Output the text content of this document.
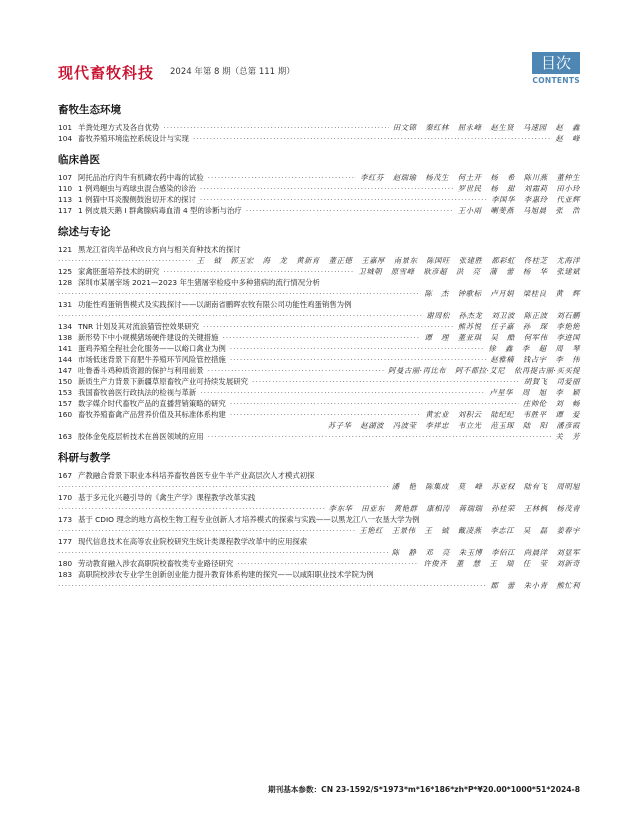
现代畜牧科技 2024 年第 8 期（总第 111 期）	目次
CONTENTS
畜牧生态环境
101 羊粪处理方式及各自优势 ·····	田文锦 秦红林 屈永峰 赵生贤 马速园 赵 鑫
104 畜牧养殖环境监控系统设计与实现 ·····	赵 峰
临床兽医
107 阿托品治疗肉牛有机磷农药中毒的试验 ·····	李红芬 赵瑞瑜 杨茂生 何土开 杨 希 陈川燕 董仲生
110 1 例鸡蛔虫与鸡球虫混合感染的诊治 ·····	罗世民 杨 甜 刘霜莉 田小玲
113 1 例猫中耳炎腹侧鼓泡切开术的探讨 ·····	李国华 李惠玲 代亚辉
117 1 例皮晨天鹅 I 群禽腺病毒血清 4 型的诊断与治疗 ·····	王小雨 喇斐燕 马旭晨 张 浩
综述与专论
121 黑龙江省肉羊品种改良方向与相关育种技术的探讨
·····
王 钺 郭玉宏 海 龙 黄新育 董正德 王嘉厚 南景东 陈国旺 张建胜 都彩虹 佟桂芝 尤海洋
125 家禽胚蛋培养技术的研究 ·····	卫城朝 原雪峰 耿彦超 洪 亮 蒲 蕾 杨 华 张建斌
128 深圳市某屠宰场 2021—2023 年生猪屠宰检疫中多种猪病的流行情况分析
·····
陈 杰 钟歌标 卢月娟 梁桂良 黄 辉
131 功能性鸡蛋销售模式及实践探讨——以湖南省鹏晖农牧有限公司功能性鸡蛋销售为例
·····
谢周松 孙杰龙 刘卫波 陈正波 刘石鹏
134 TNR 计划及其对流浪猫管控效果研究 ·····	熊苏悦 任子嘉 孙 琛 李艳艳
138 新形势下中小规模猪场硬件建设的关键措施 ·····	谭 理 董亚琪 吴 酷 何军伟 李进国
141 蛋鸡养殖全程社会化服务——以峪口禽业为例 ·····	徐 鑫 李 超 周 琴
144 市场低迷背景下育肥牛养殖环节风险管控措施 ·····	赵雅楠 钱占宇 李 伟
147 吐鲁番斗鸡种质资源的保护与利用前景 ·····	阿曼古丽·再比布 阿不都拉·艾尼 依再提古丽·买买提
150 新质生产力背景下新疆草原畜牧产业可持续发展研究 ·····	胡賀飞 司爱丽
153 我国畜牧兽医行政执法的检视与革新 ·····	卢星华 周 旭 李 颖
157 数字媒介时代畜牧产品的直播营销策略的研究 ·····	庄帅伦 刘 畅
160 畜牧养殖畜禽产品营养价值及其标准体系构建 ·····	黄宏业 刘积云 陆纪纪 韦胜平 谭 爱
苏子华 赵湖波 冯波莹 李祥忠 韦立光 范玉琛 陆 阳 潘彦霞
163 胶体金免疫层析技术在兽医领域的应用 ·····	关 芳
科研与教学
167 产教融合背景下职业本科培养畜牧兽医专业牛羊产业高层次人才模式初探
·····
潘 艳 陈集成 莫 峰 苏亚权 陆有飞 周明旭
170 基于多元化兴趣引导的《禽生产学》课程教学改革实践
·····
李东华 田亚东 黄艳群 康相涛 蒋瑞瑞 孙桂荣 王林枫 杨茂青
173 基于 CDIO 理念的地方高校生物工程专业创新人才培养模式的探索与实践——以黑龙江八一农垦大学为例
·····
王艳红 王景伟 王 钺 戴凌燕 李志江 吴 磊 姜春宇
177 现代信息技术在高等农业院校研究生统计类课程教学改革中的应用探索
·····
陈 静 邓 亮 朱玉博 李佰江 尚晨洋 刘显军
180 劳动教育融入涉农高职院校畜牧类专业路径研究 ·····	许俊齐 董 慧 王 瑞 任 莹 刘新奇
183 高职院校涉农专业学生创新创业能力提升教育体系构建的探究——以咸阳职业技术学院为例
·····
郡 蕾 朱小青 熊忙利
期刊基本参数：CN 23-1592/S*1973*m*16*186*zh*P*¥20.00*1000*51*2024-8
